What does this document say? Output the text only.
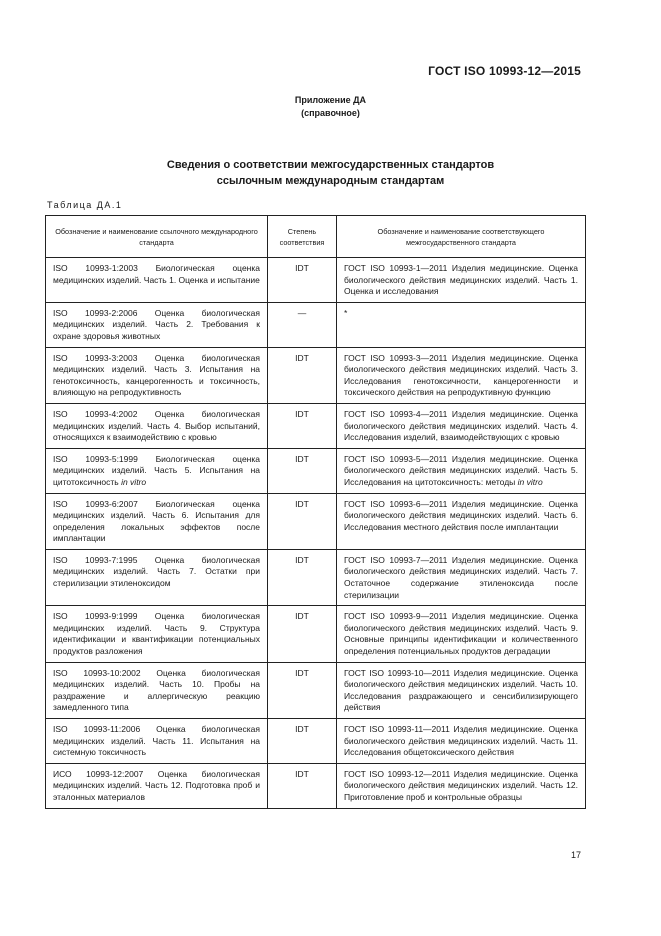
ГОСТ ISO 10993-12—2015
Приложение ДА
(справочное)
Сведения о соответствии межгосударственных стандартов
ссылочным международным стандартам
Таблица ДА.1
Обозначение и наименование ссылочного международного стандарта	Степень соответствия	Обозначение и наименование соответствующего межгосударственного стандарта
ISO 10993-1:2003 Биологическая оценка медицинских изделий. Часть 1. Оценка и испытание	IDT	ГОСТ ISO 10993-1—2011 Изделия медицинские. Оценка биологического действия медицинских изделий. Часть 1. Оценка и исследования
ISO 10993-2:2006 Оценка биологическая медицинских изделий. Часть 2. Требования к охране здоровья животных	—	*
ISO 10993-3:2003 Оценка биологическая медицинских изделий. Часть 3. Испытания на генотоксичность, канцерогенность и токсичность, влияющую на репродуктивность	IDT	ГОСТ ISO 10993-3—2011 Изделия медицинские. Оценка биологического действия медицинских изделий. Часть 3. Исследования генотоксичности, канцерогенности и токсического действия на репродуктивную функцию
ISO 10993-4:2002 Оценка биологическая медицинских изделий. Часть 4. Выбор испытаний, относящихся к взаимодействию с кровью	IDT	ГОСТ ISO 10993-4—2011 Изделия медицинские. Оценка биологического действия медицинских изделий. Часть 4. Исследования изделий, взаимодействующих с кровью
ISO 10993-5:1999 Биологическая оценка медицинских изделий. Часть 5. Испытания на цитотоксичность in vitro	IDT	ГОСТ ISO 10993-5—2011 Изделия медицинские. Оценка биологического действия медицинских изделий. Часть 5. Исследования на цитотоксичность: методы in vitro
ISO 10993-6:2007 Биологическая оценка медицинских изделий. Часть 6. Испытания для определения локальных эффектов после имплантации	IDT	ГОСТ ISO 10993-6—2011 Изделия медицинские. Оценка биологического действия медицинских изделий. Часть 6. Исследования местного действия после имплантации
ISO 10993-7:1995 Оценка биологическая медицинских изделий. Часть 7. Остатки при стерилизации этиленоксидом	IDT	ГОСТ ISO 10993-7—2011 Изделия медицинские. Оценка биологического действия медицинских изделий. Часть 7. Остаточное содержание этиленоксида после стерилизации
ISO 10993-9:1999 Оценка биологическая медицинских изделий. Часть 9. Структура идентификации и квантификации потенциальных продуктов разложения	IDT	ГОСТ ISO 10993-9—2011 Изделия медицинские. Оценка биологического действия медицинских изделий. Часть 9. Основные принципы идентификации и количественного определения потенциальных продуктов деградации
ISO 10993-10:2002 Оценка биологическая медицинских изделий. Часть 10. Пробы на раздражение и аллергическую реакцию замедленного типа	IDT	ГОСТ ISO 10993-10—2011 Изделия медицинские. Оценка биологического действия медицинских изделий. Часть 10. Исследования раздражающего и сенсибилизирующего действия
ISO 10993-11:2006 Оценка биологическая медицинских изделий. Часть 11. Испытания на системную токсичность	IDT	ГОСТ ISO 10993-11—2011 Изделия медицинские. Оценка биологического действия медицинских изделий. Часть 11. Исследования общетоксического действия
ИСО 10993-12:2007 Оценка биологическая медицинских изделий. Часть 12. Подготовка проб и эталонных материалов	IDT	ГОСТ ISO 10993-12—2011 Изделия медицинские. Оценка биологического действия медицинских изделий. Часть 12. Приготовление проб и контрольные образцы
17
